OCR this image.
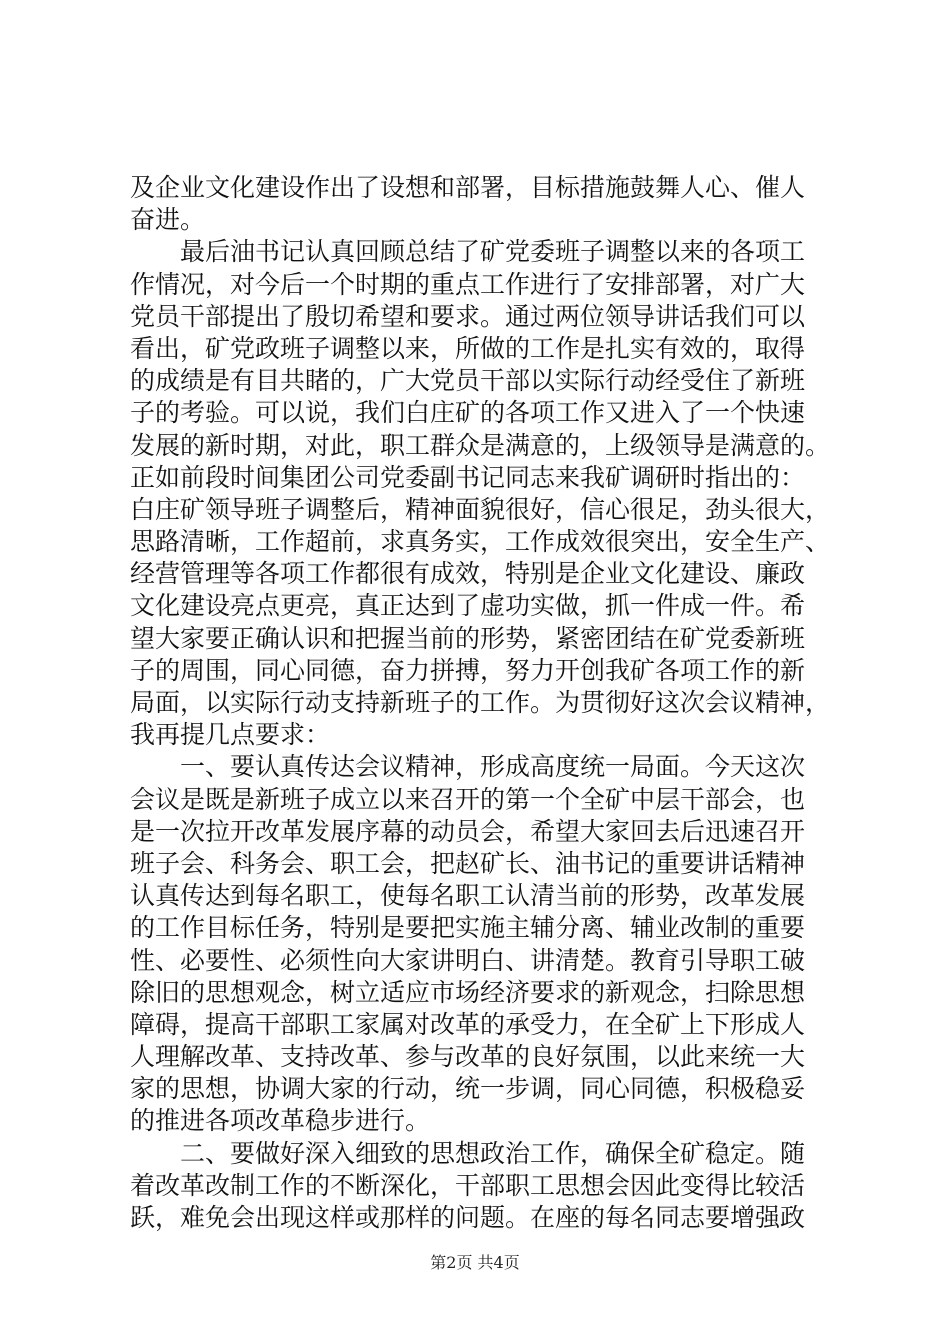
及企业文化建设作出了设想和部署，目标措施鼓舞人心、催人
奋进。
　　最后油书记认真回顾总结了矿党委班子调整以来的各项工
作情况，对今后一个时期的重点工作进行了安排部署，对广大
党员干部提出了殷切希望和要求。通过两位领导讲话我们可以
看出，矿党政班子调整以来，所做的工作是扎实有效的，取得
的成绩是有目共睹的，广大党员干部以实际行动经受住了新班
子的考验。可以说，我们白庄矿的各项工作又进入了一个快速
发展的新时期，对此，职工群众是满意的，上级领导是满意的。
正如前段时间集团公司党委副书记同志来我矿调研时指出的：
白庄矿领导班子调整后，精神面貌很好，信心很足，劲头很大，
思路清晰，工作超前，求真务实，工作成效很突出，安全生产、
经营管理等各项工作都很有成效，特别是企业文化建设、廉政
文化建设亮点更亮，真正达到了虚功实做，抓一件成一件。希
望大家要正确认识和把握当前的形势，紧密团结在矿党委新班
子的周围，同心同德，奋力拼搏，努力开创我矿各项工作的新
局面，以实际行动支持新班子的工作。为贯彻好这次会议精神，
我再提几点要求：
　　一、要认真传达会议精神，形成高度统一局面。今天这次
会议是既是新班子成立以来召开的第一个全矿中层干部会，也
是一次拉开改革发展序幕的动员会，希望大家回去后迅速召开
班子会、科务会、职工会，把赵矿长、油书记的重要讲话精神
认真传达到每名职工，使每名职工认清当前的形势，改革发展
的工作目标任务，特别是要把实施主辅分离、辅业改制的重要
性、必要性、必须性向大家讲明白、讲清楚。教育引导职工破
除旧的思想观念，树立适应市场经济要求的新观念，扫除思想
障碍，提高干部职工家属对改革的承受力，在全矿上下形成人
人理解改革、支持改革、参与改革的良好氛围，以此来统一大
家的思想，协调大家的行动，统一步调，同心同德，积极稳妥
的推进各项改革稳步进行。
　　二、要做好深入细致的思想政治工作，确保全矿稳定。随
着改革改制工作的不断深化，干部职工思想会因此变得比较活
跃，难免会出现这样或那样的问题。在座的每名同志要增强政
第2页 共4页
